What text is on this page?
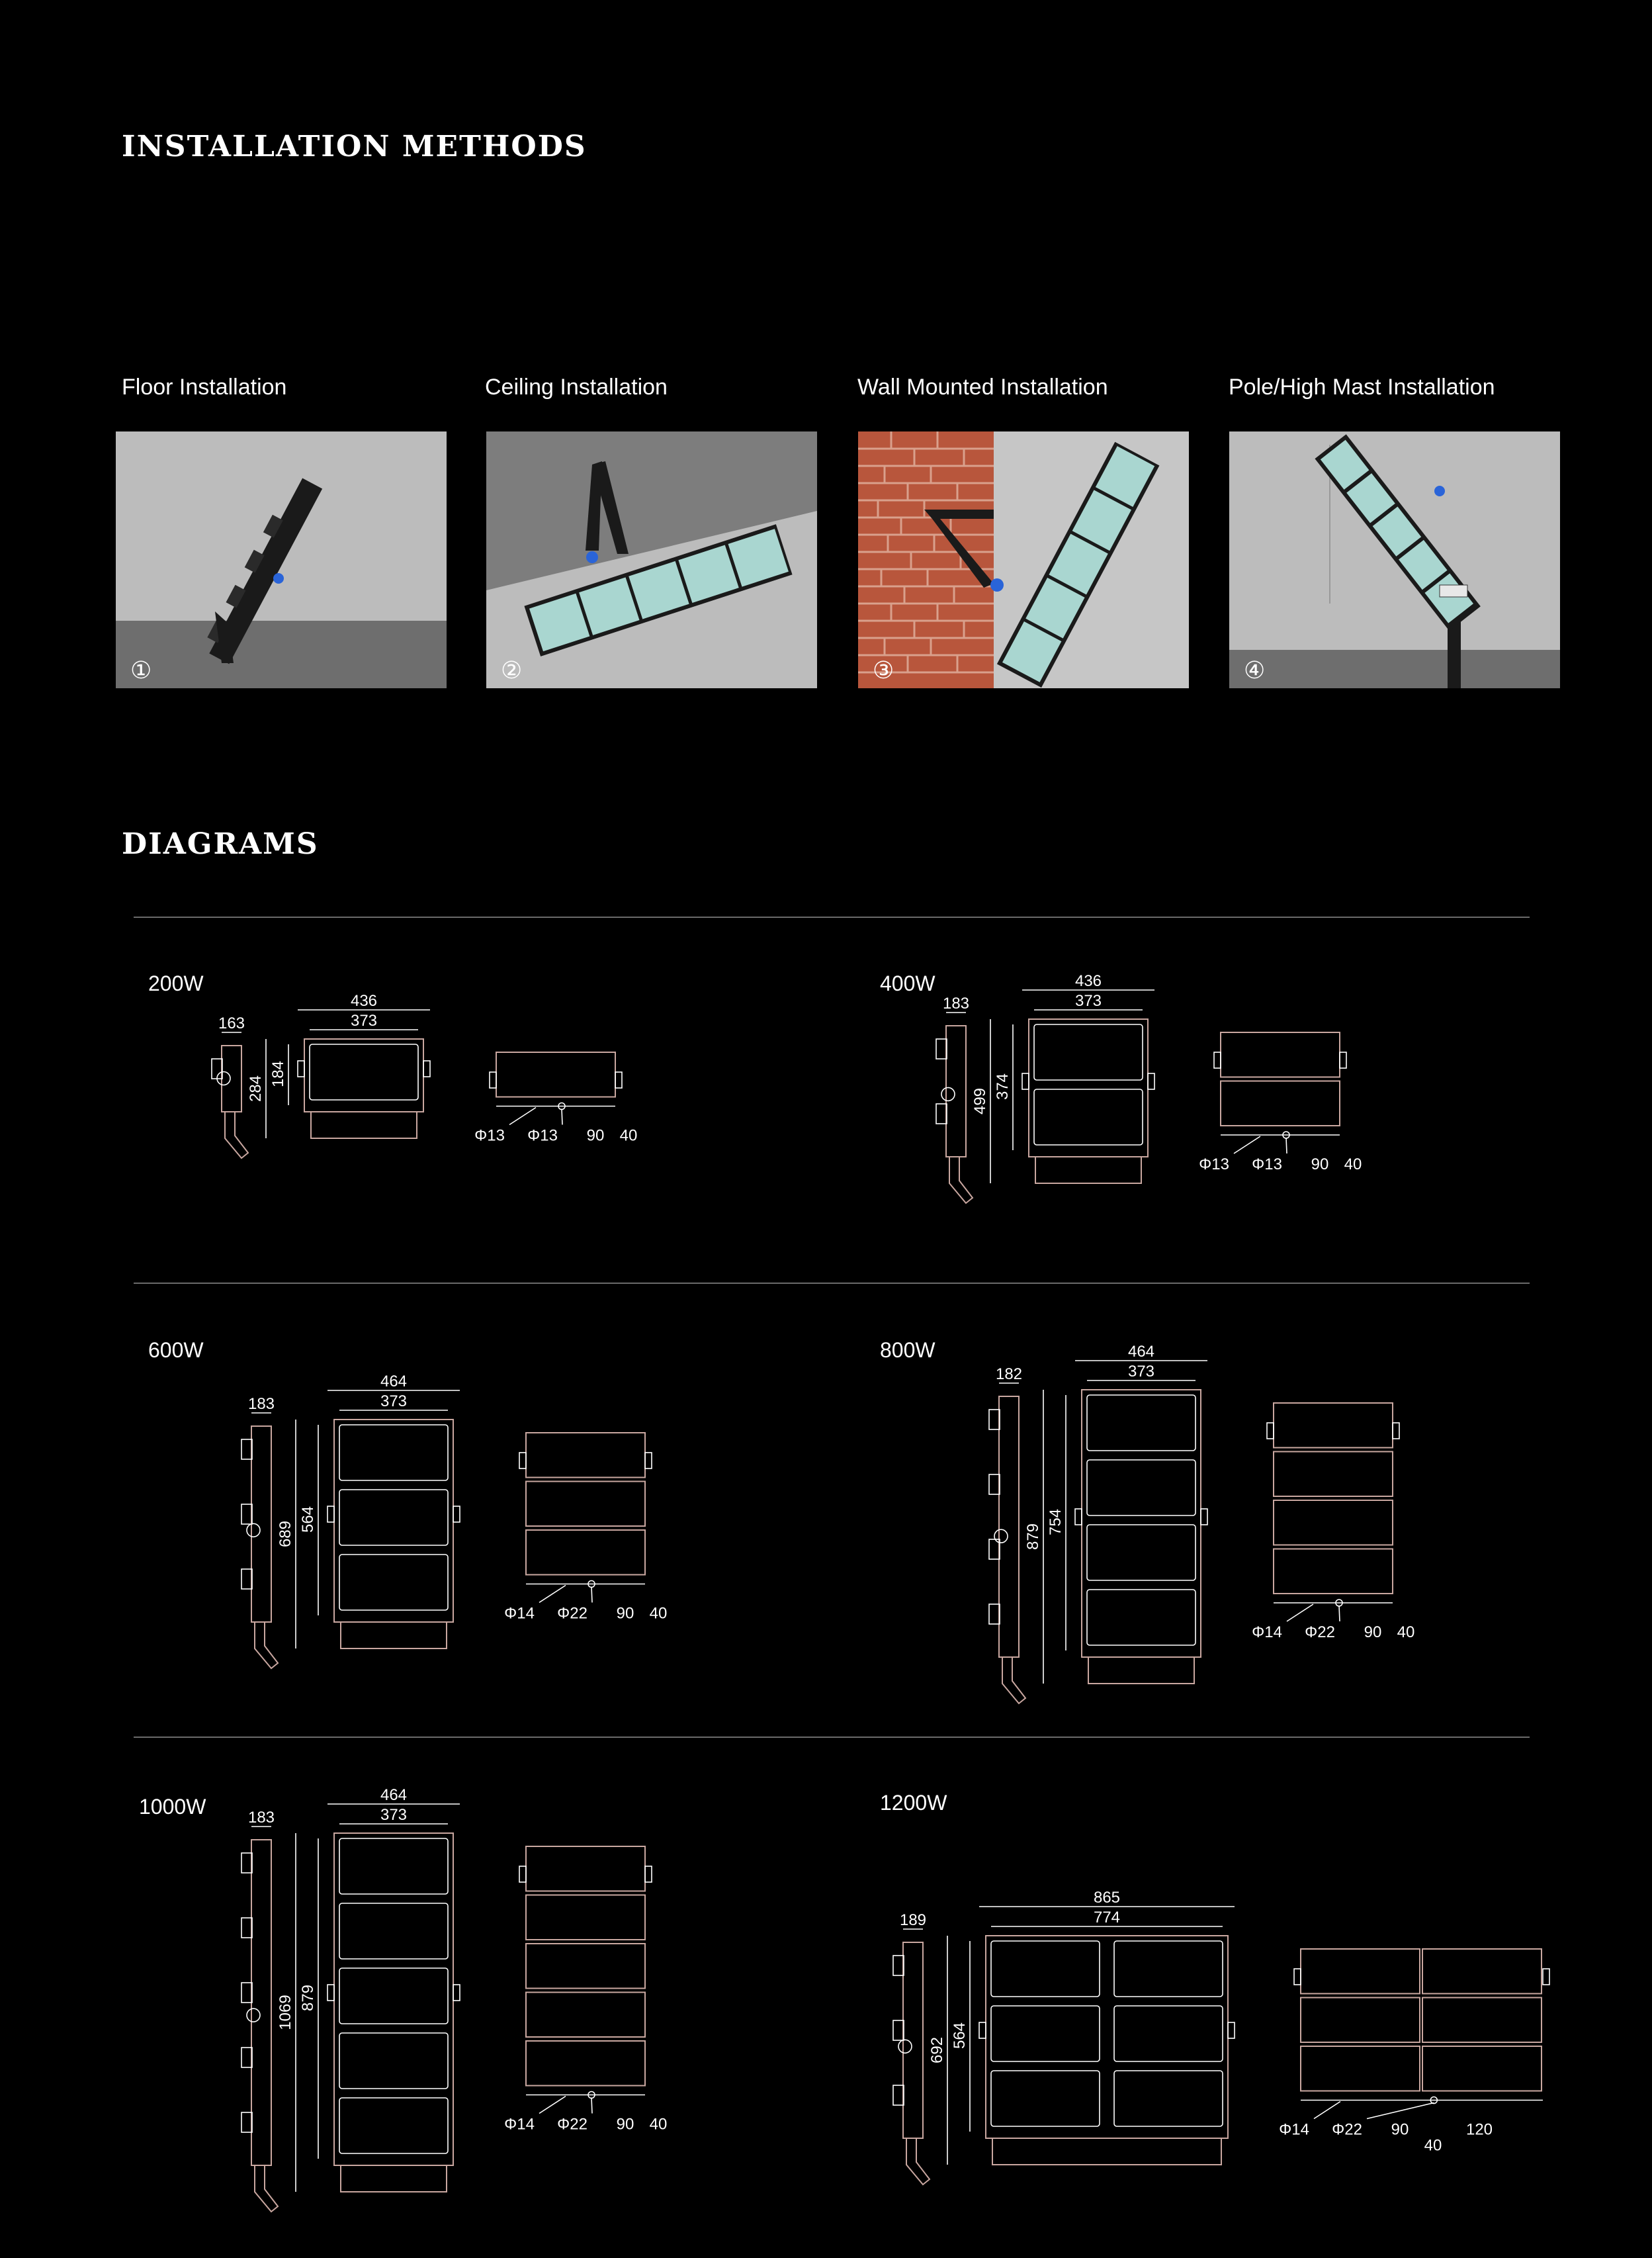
INSTALLATION METHODS
Floor Installation	Ceiling Installation	Wall Mounted Installation	Pole/High Mast Installation
①	②	③	④
DIAGRAMS
200W	400W
600W	800W
1000W	1200W
163
436
373
284
184
Φ13 Φ13 90 40
183
436
373
499
374
Φ13 Φ13 90 40
183
464
373
689
564
Φ14 Φ22 90 40
182
464
373
879
754
Φ14 Φ22 90 40
183
464
373
1069 879
Φ14 Φ22 90 40
189
865
774
692
564
Φ14 Φ22 90
40
120
